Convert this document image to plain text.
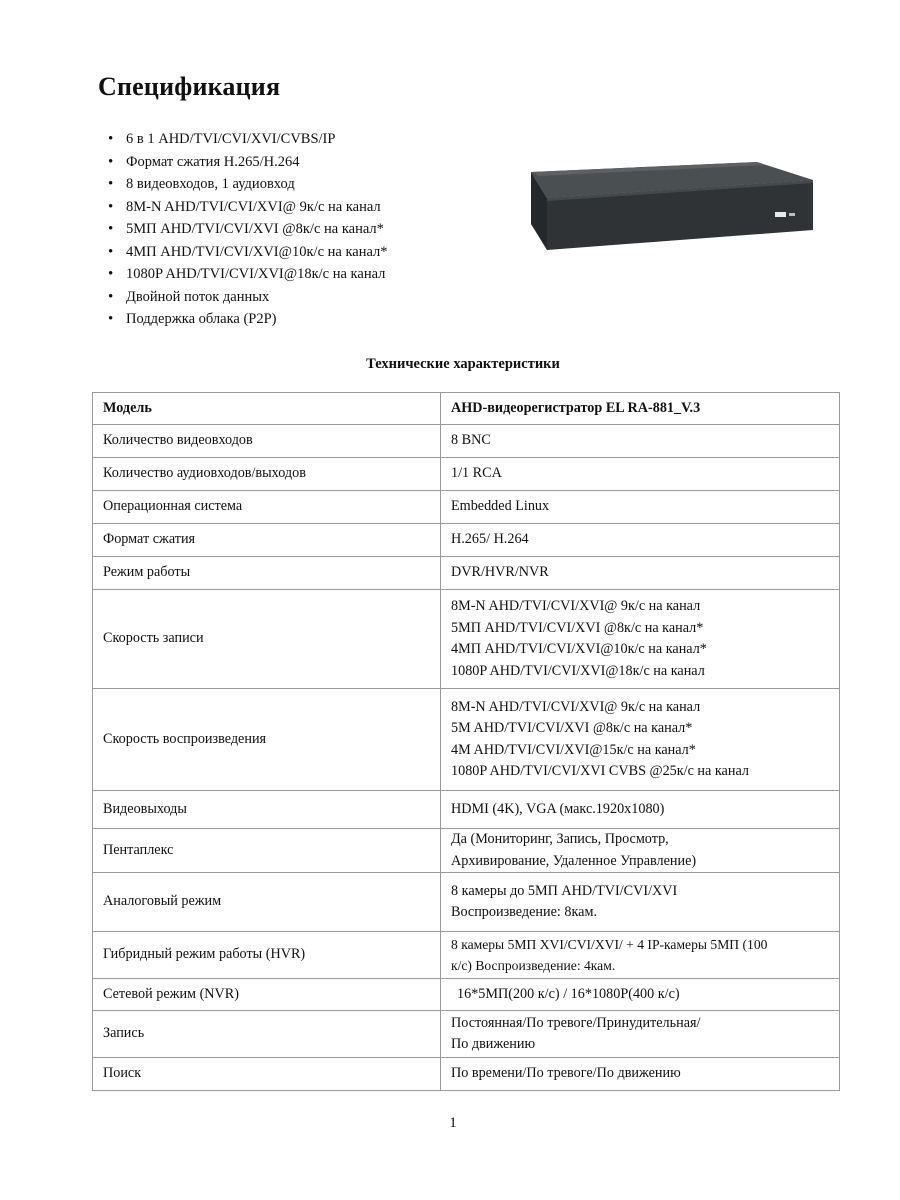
Спецификация
• 6 в 1 AHD/TVI/CVI/XVI/CVBS/IP
• Формат сжатия H.265/H.264
• 8 видеовходов, 1 аудиовход
• 8M-N AHD/TVI/CVI/XVI@ 9к/с на канал
• 5МП AHD/TVI/CVI/XVI @8к/с на канал*
• 4МП AHD/TVI/CVI/XVI@10к/с на канал*
• 1080P AHD/TVI/CVI/XVI@18к/с на канал
• Двойной поток данных
• Поддержка облака (P2P)
Технические характеристики
Модель	AHD-видеорегистратор EL RA-881_V.3
Количество видеовходов	8 BNC

Количество аудиовходов/выходов	1/1 RCA

Операционная система	Embedded Linux

Формат сжатия	H.265/ H.264

Режим работы	DVR/HVR/NVR

Скорость записи	8M-N AHD/TVI/CVI/XVI@ 9к/с на канал
5МП AHD/TVI/CVI/XVI @8к/с на канал*
4МП AHD/TVI/CVI/XVI@10к/с на канал*
1080P AHD/TVI/CVI/XVI@18к/с на канал

Скорость воспроизведения	8M-N AHD/TVI/CVI/XVI@ 9к/с на канал
5M AHD/TVI/CVI/XVI @8к/с на канал*
4M AHD/TVI/CVI/XVI@15к/с на канал*
1080P AHD/TVI/CVI/XVI CVBS @25к/с на канал

Видеовыходы	HDMI (4K), VGA (макс.1920x1080)

Пентаплекс	Да (Мониторинг, Запись, Просмотр,
Архивирование, Удаленное Управление)

Аналоговый режим	8 камеры до 5МП AHD/TVI/CVI/XVI
Воспроизведение: 8кам.

Гибридный режим работы (HVR)	8 камеры 5МП XVI/CVI/XVI/ + 4 IP-камеры 5МП (100
к/с) Воспроизведение: 4кам.

Сетевой режим (NVR)	16*5МП(200 к/с) / 16*1080P(400 к/с)

Запись	Постоянная/По тревоге/Принудительная/
По движению

Поиск	По времени/По тревоге/По движению
1
